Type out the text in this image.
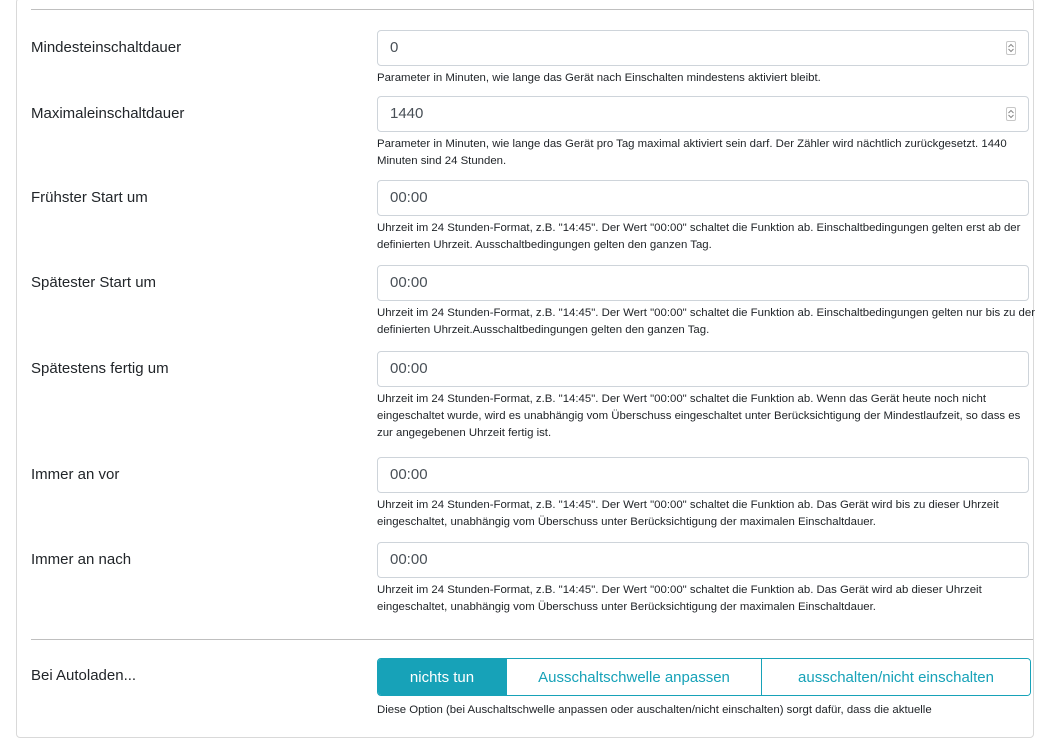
Mindesteinschaltdauer	0
Parameter in Minuten, wie lange das Gerät nach Einschalten mindestens aktiviert bleibt.
Maximaleinschaltdauer	1440
Parameter in Minuten, wie lange das Gerät pro Tag maximal aktiviert sein darf. Der Zähler wird nächtlich zurückgesetzt. 1440 Minuten sind 24 Stunden.
Frühster Start um	00:00
Uhrzeit im 24 Stunden-Format, z.B. "14:45". Der Wert "00:00" schaltet die Funktion ab. Einschaltbedingungen gelten erst ab der definierten Uhrzeit. Ausschaltbedingungen gelten den ganzen Tag.
Spätester Start um	00:00
Uhrzeit im 24 Stunden-Format, z.B. "14:45". Der Wert "00:00" schaltet die Funktion ab. Einschaltbedingungen gelten nur bis zu der definierten Uhrzeit.Ausschaltbedingungen gelten den ganzen Tag.
Spätestens fertig um	00:00
Uhrzeit im 24 Stunden-Format, z.B. "14:45". Der Wert "00:00" schaltet die Funktion ab. Wenn das Gerät heute noch nicht eingeschaltet wurde, wird es unabhängig vom Überschuss eingeschaltet unter Berücksichtigung der Mindestlaufzeit, so dass es zur angegebenen Uhrzeit fertig ist.
Immer an vor	00:00
Uhrzeit im 24 Stunden-Format, z.B. "14:45". Der Wert "00:00" schaltet die Funktion ab. Das Gerät wird bis zu dieser Uhrzeit eingeschaltet, unabhängig vom Überschuss unter Berücksichtigung der maximalen Einschaltdauer.
Immer an nach	00:00
Uhrzeit im 24 Stunden-Format, z.B. "14:45". Der Wert "00:00" schaltet die Funktion ab. Das Gerät wird ab dieser Uhrzeit eingeschaltet, unabhängig vom Überschuss unter Berücksichtigung der maximalen Einschaltdauer.
Bei Autoladen...	nichts tun	Ausschaltschwelle anpassen	ausschalten/nicht einschalten
Diese Option (bei Auschaltschwelle anpassen oder auschalten/nicht einschalten) sorgt dafür, dass die aktuelle
